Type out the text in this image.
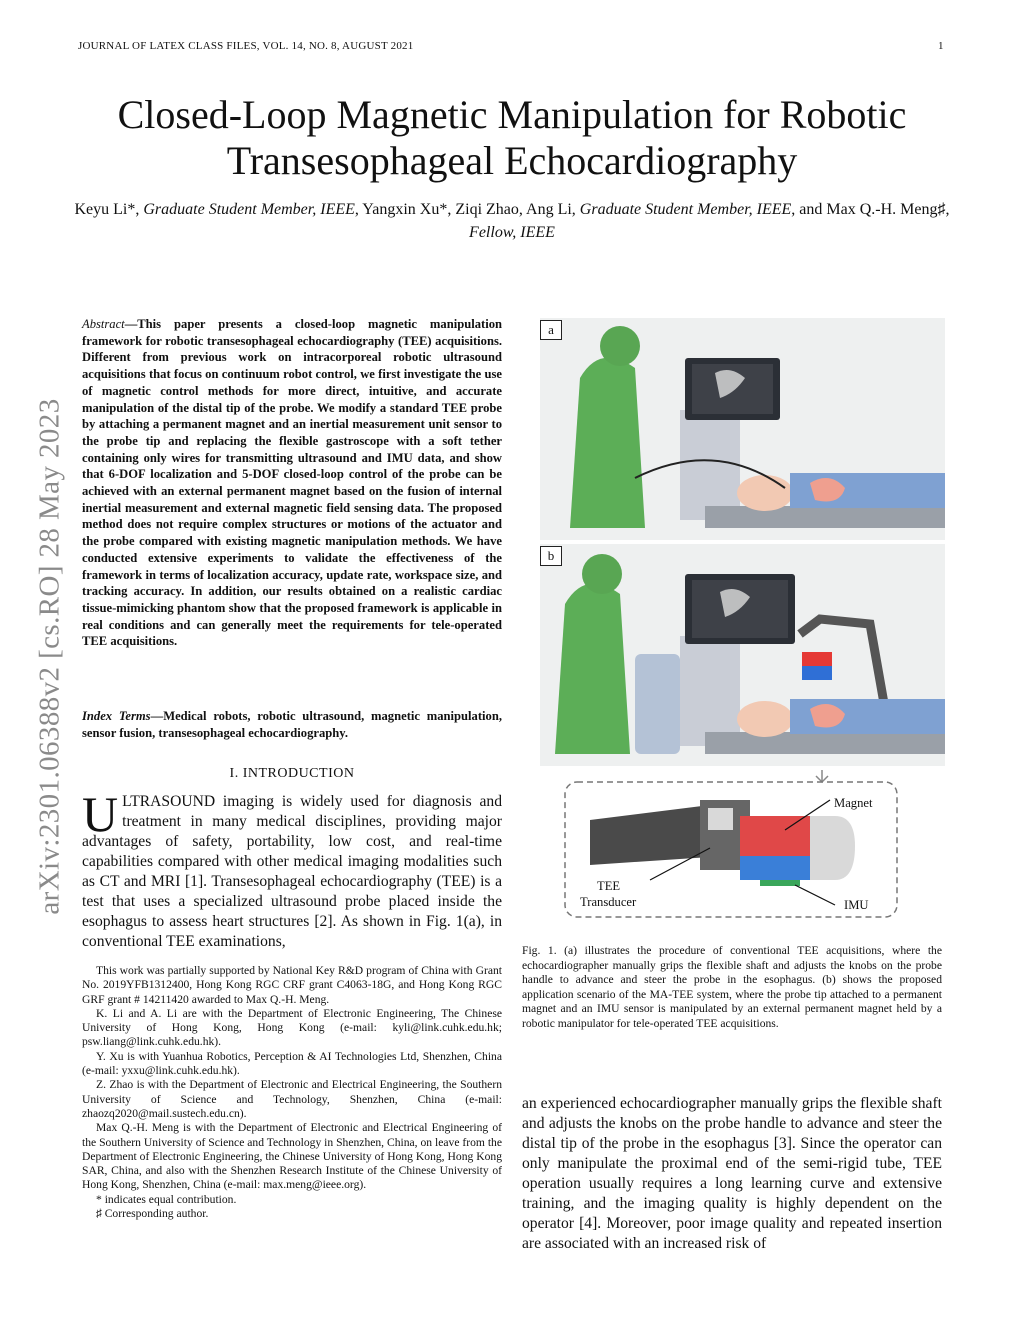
JOURNAL OF LATEX CLASS FILES, VOL. 14, NO. 8, AUGUST 2021	1
Closed-Loop Magnetic Manipulation for Robotic
Transesophageal Echocardiography
Keyu Li*, Graduate Student Member, IEEE, Yangxin Xu*, Ziqi Zhao, Ang Li, Graduate Student Member, IEEE, and Max Q.-H. Meng♯, Fellow, IEEE
arXiv:2301.06388v2 [cs.RO] 28 May 2023
Abstract—This paper presents a closed-loop magnetic manipulation framework for robotic transesophageal echocardiography (TEE) acquisitions. Different from previous work on intracorporeal robotic ultrasound acquisitions that focus on continuum robot control, we first investigate the use of magnetic control methods for more direct, intuitive, and accurate manipulation of the distal tip of the probe. We modify a standard TEE probe by attaching a permanent magnet and an inertial measurement unit sensor to the probe tip and replacing the flexible gastroscope with a soft tether containing only wires for transmitting ultrasound and IMU data, and show that 6-DOF localization and 5-DOF closed-loop control of the probe can be achieved with an external permanent magnet based on the fusion of internal inertial measurement and external magnetic field sensing data. The proposed method does not require complex structures or motions of the actuator and the probe compared with existing magnetic manipulation methods. We have conducted extensive experiments to validate the effectiveness of the framework in terms of localization accuracy, update rate, workspace size, and tracking accuracy. In addition, our results obtained on a realistic cardiac tissue-mimicking phantom show that the proposed framework is applicable in real conditions and can generally meet the requirements for tele-operated TEE acquisitions.
Index Terms—Medical robots, robotic ultrasound, magnetic manipulation, sensor fusion, transesophageal echocardiography.
I. INTRODUCTION
ULTRASOUND imaging is widely used for diagnosis and treatment in many medical disciplines, providing major advantages of safety, portability, low cost, and real-time capabilities compared with other medical imaging modalities such as CT and MRI [1]. Transesophageal echocardiography (TEE) is a test that uses a specialized ultrasound probe placed inside the esophagus to assess heart structures [2]. As shown in Fig. 1(a), in conventional TEE examinations,

This work was partially supported by National Key R&D program of China with Grant No. 2019YFB1312400, Hong Kong RGC CRF grant C4063-18G, and Hong Kong RGC GRF grant # 14211420 awarded to Max Q.-H. Meng.

K. Li and A. Li are with the Department of Electronic Engineering, The Chinese University of Hong Kong, Hong Kong (e-mail: kyli@link.cuhk.edu.hk; psw.liang@link.cuhk.edu.hk).

Y. Xu is with Yuanhua Robotics, Perception & AI Technologies Ltd, Shenzhen, China (e-mail: yxxu@link.cuhk.edu.hk).

Z. Zhao is with the Department of Electronic and Electrical Engineering, the Southern University of Science and Technology, Shenzhen, China (e-mail: zhaozq2020@mail.sustech.edu.cn).

Max Q.-H. Meng is with the Department of Electronic and Electrical Engineering of the Southern University of Science and Technology in Shenzhen, China, on leave from the Department of Electronic Engineering, the Chinese University of Hong Kong, Hong Kong SAR, China, and also with the Shenzhen Research Institute of the Chinese University of Hong Kong, Shenzhen, China (e-mail: max.meng@ieee.org).

* indicates equal contribution.

♯ Corresponding author.

a
b
Magnet
TEE
Transducer	IMU
Fig. 1. (a) illustrates the procedure of conventional TEE acquisitions, where the echocardiographer manually grips the flexible shaft and adjusts the knobs on the probe handle to advance and steer the probe in the esophagus. (b) shows the proposed application scenario of the MA-TEE system, where the probe tip attached to a permanent magnet and an IMU sensor is manipulated by an external permanent magnet held by a robotic manipulator for tele-operated TEE acquisitions.
an experienced echocardiographer manually grips the flexible shaft and adjusts the knobs on the probe handle to advance and steer the distal tip of the probe in the esophagus [3]. Since the operator can only manipulate the proximal end of the semi-rigid tube, TEE operation usually requires a long learning curve and extensive training, and the imaging quality is highly dependent on the operator [4]. Moreover, poor image quality and repeated insertion are associated with an increased risk of
